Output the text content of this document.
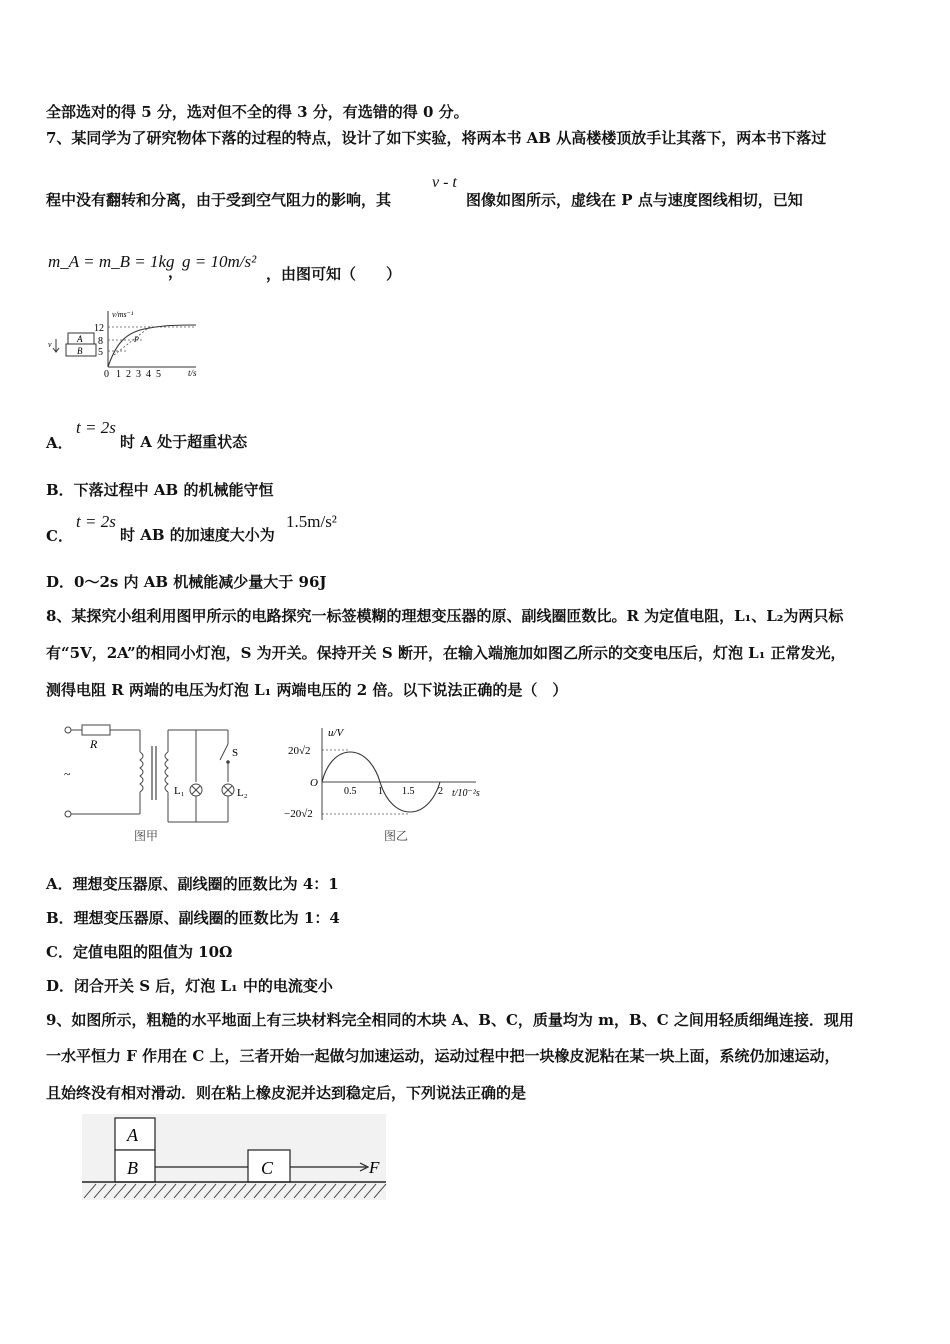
全部选对的得 5 分，选对但不全的得 3 分，有选错的得 0 分。
7、某同学为了研究物体下落的过程的特点，设计了如下实验，将两本书 AB 从高楼楼顶放手让其落下，两本书下落过
程中没有翻转和分离，由于受到空气阻力的影响，其
v - t
图像如图所示，虚线在 P 点与速度图线相切，已知
m_A = m_B = 1kg
，
g = 10m/s²
，由图可知（　　）
A
B
v
v/ms⁻¹
t/s
12
8
5
0 1 2 3 4 5
P
A．
t = 2s
时 A 处于超重状态
B．下落过程中 AB 的机械能守恒
C．
t = 2s
时 AB 的加速度大小为
1.5m/s²
D．0～2s 内 AB 机械能减少量大于 96J
8、某探究小组利用图甲所示的电路探究一标签模糊的理想变压器的原、副线圈匝数比。R 为定值电阻，L₁、L₂为两只标
有“5V，2A”的相同小灯泡，S 为开关。保持开关 S 断开，在输入端施加如图乙所示的交变电压后，灯泡 L₁ 正常发光，
测得电阻 R 两端的电压为灯泡 L₁ 两端电压的 2 倍。以下说法正确的是（　）
R
~
L₁
S
L₂
图甲
u/V
t/10⁻²s
O
20√2
−20√2
0.5 1 1.5 2
图乙
A．理想变压器原、副线圈的匝数比为 4：1
B．理想变压器原、副线圈的匝数比为 1：4
C．定值电阻的阻值为 10Ω
D．闭合开关 S 后，灯泡 L₁ 中的电流变小
9、如图所示，粗糙的水平地面上有三块材料完全相同的木块 A、B、C，质量均为 m，B、C 之间用轻质细绳连接．现用
一水平恒力 F 作用在 C 上，三者开始一起做匀加速运动，运动过程中把一块橡皮泥粘在某一块上面，系统仍加速运动，
且始终没有相对滑动．则在粘上橡皮泥并达到稳定后，下列说法正确的是
A
B	C	F
